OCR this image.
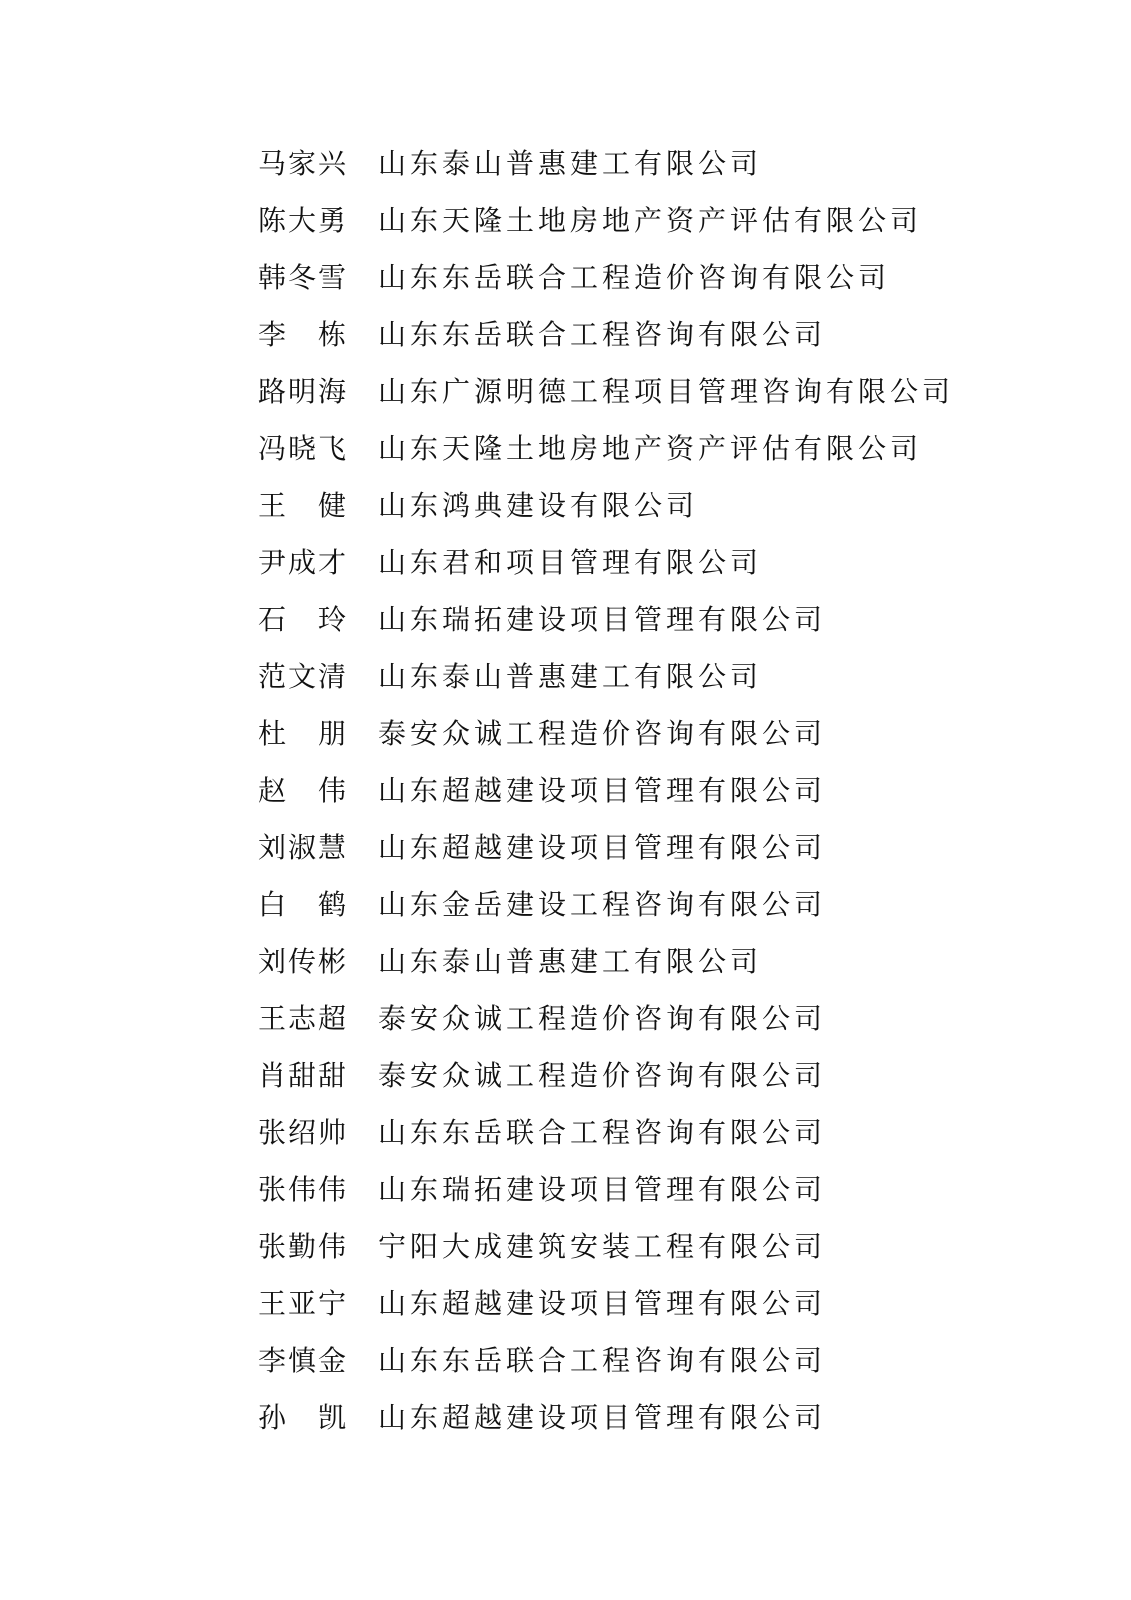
马 家 兴 山东泰山普惠建工有限公司
陈 大 勇 山东天隆土地房地产资产评估有限公司
韩 冬 雪 山东东岳联合工程造价咨询有限公司
李 栋 山东东岳联合工程咨询有限公司
路 明 海 山东广源明德工程项目管理咨询有限公司
冯 晓 飞 山东天隆土地房地产资产评估有限公司
王 健 山东鸿典建设有限公司
尹 成 才 山东君和项目管理有限公司
石 玲 山东瑞拓建设项目管理有限公司
范 文 清 山东泰山普惠建工有限公司
杜 朋 泰安众诚工程造价咨询有限公司
赵 伟 山东超越建设项目管理有限公司
刘 淑 慧 山东超越建设项目管理有限公司
白 鹤 山东金岳建设工程咨询有限公司
刘 传 彬 山东泰山普惠建工有限公司
王 志 超 泰安众诚工程造价咨询有限公司
肖 甜 甜 泰安众诚工程造价咨询有限公司
张 绍 帅 山东东岳联合工程咨询有限公司
张 伟 伟 山东瑞拓建设项目管理有限公司
张 勤 伟 宁阳大成建筑安装工程有限公司
王 亚 宁 山东超越建设项目管理有限公司
李 慎 金 山东东岳联合工程咨询有限公司
孙 凯 山东超越建设项目管理有限公司
